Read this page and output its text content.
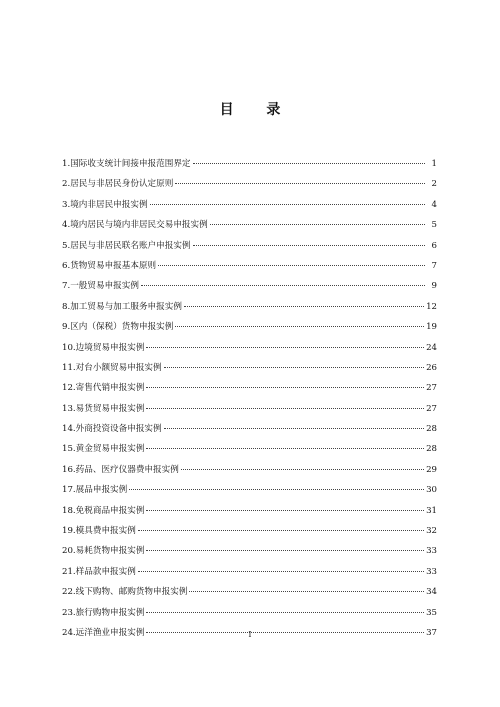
目 录
1.国际收支统计间接申报范围界定	1
2.居民与非居民身份认定原则	2
3.境内非居民申报实例	4
4.境内居民与境内非居民交易申报实例	5
5.居民与非居民联名账户申报实例	6
6.货物贸易申报基本原则	7
7.一般贸易申报实例	9
8.加工贸易与加工服务申报实例	12
9.区内（保税）货物申报实例	19
10.边境贸易申报实例	24
11.对台小额贸易申报实例	26
12.寄售代销申报实例	27
13.易货贸易申报实例	27
14.外商投资设备申报实例	28
15.黄金贸易申报实例	28
16.药品、医疗仪器费申报实例	29
17.展品申报实例	30
18.免税商品申报实例	31
19.模具费申报实例	32
20.易耗货物申报实例	33
21.样品款申报实例	33
22.线下购物、邮购货物申报实例	34
23.旅行购物申报实例	35
24.远洋渔业申报实例	37
I
